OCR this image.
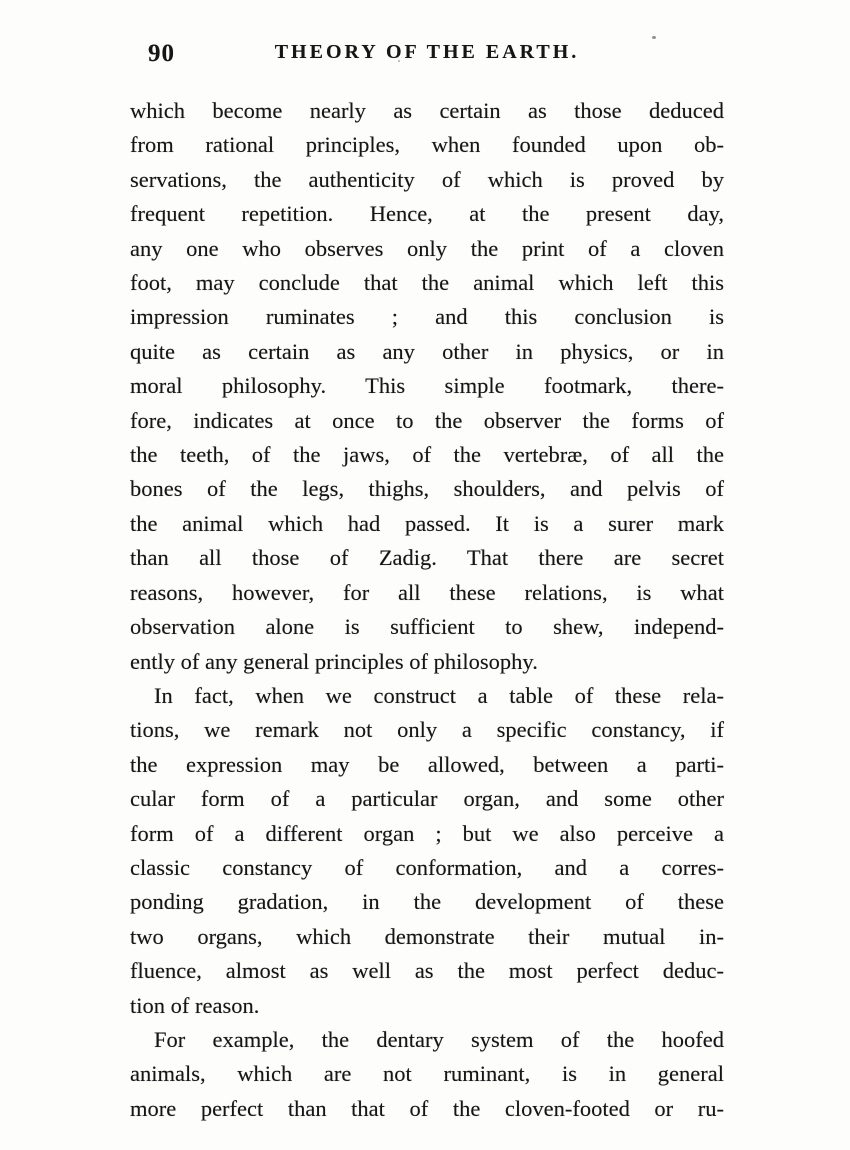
90	THEORY OF THE EARTH.
which become nearly as certain as those deduced
from rational principles, when founded upon ob-
servations, the authenticity of which is proved by
frequent repetition. Hence, at the present day,
any one who observes only the print of a cloven
foot, may conclude that the animal which left this
impression ruminates ; and this conclusion is
quite as certain as any other in physics, or in
moral philosophy. This simple footmark, there-
fore, indicates at once to the observer the forms of
the teeth, of the jaws, of the vertebræ, of all the
bones of the legs, thighs, shoulders, and pelvis of
the animal which had passed. It is a surer mark
than all those of Zadig. That there are secret
reasons, however, for all these relations, is what
observation alone is sufficient to shew, independ-
ently of any general principles of philosophy.
In fact, when we construct a table of these rela-
tions, we remark not only a specific constancy, if
the expression may be allowed, between a parti-
cular form of a particular organ, and some other
form of a different organ ; but we also perceive a
classic constancy of conformation, and a corres-
ponding gradation, in the development of these
two organs, which demonstrate their mutual in-
fluence, almost as well as the most perfect deduc-
tion of reason.
For example, the dentary system of the hoofed
animals, which are not ruminant, is in general
more perfect than that of the cloven-footed or ru-
